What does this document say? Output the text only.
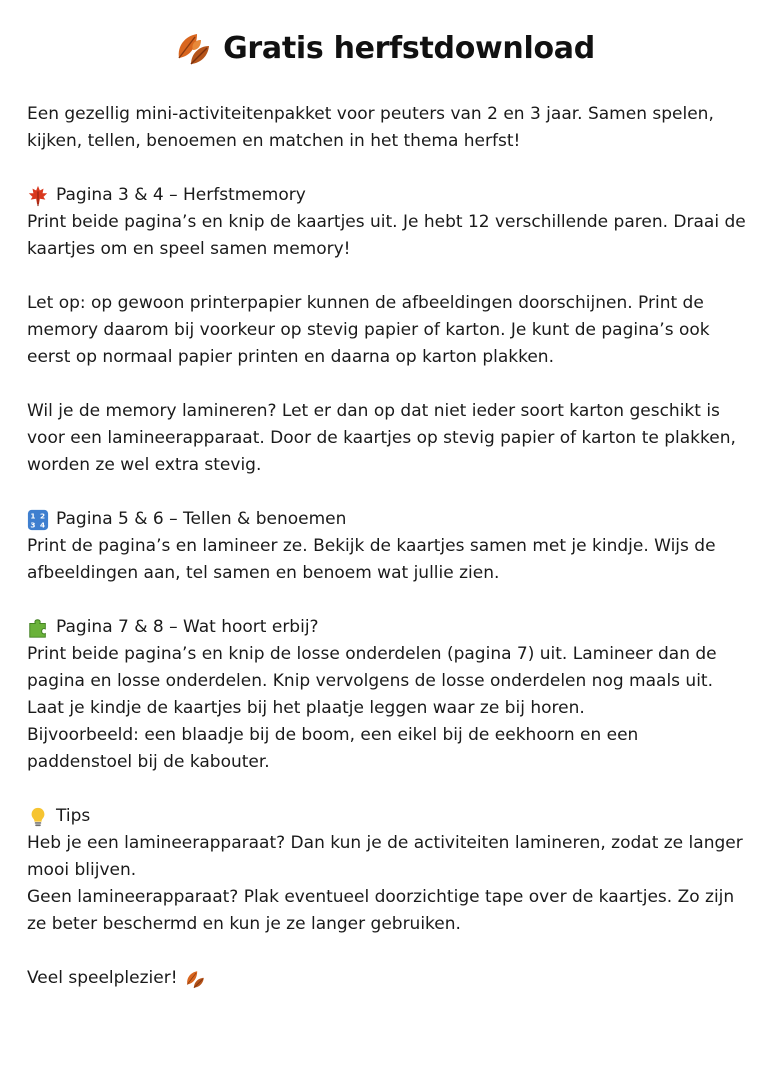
Gratis herfstdownload

Een gezellig mini-activiteitenpakket voor peuters van 2 en 3 jaar. Samen spelen, kijken, tellen, benoemen en matchen in het thema herfst!

Pagina 3 & 4 – Herfstmemory

Print beide pagina’s en knip de kaartjes uit. Je hebt 12 verschillende paren. Draai de kaartjes om en speel samen memory!

Let op: op gewoon printerpapier kunnen de afbeeldingen doorschijnen. Print de memory daarom bij voorkeur op stevig papier of karton. Je kunt de pagina’s ook eerst op normaal papier printen en daarna op karton plakken.

Wil je de memory lamineren? Let er dan op dat niet ieder soort karton geschikt is voor een lamineerapparaat. Door de kaartjes op stevig papier of karton te plakken, worden ze wel extra stevig.

1 2
3 4 Pagina 5 & 6 – Tellen & benoemen

Print de pagina’s en lamineer ze. Bekijk de kaartjes samen met je kindje. Wijs de afbeeldingen aan, tel samen en benoem wat jullie zien.

Pagina 7 & 8 – Wat hoort erbij?

Print beide pagina’s en knip de losse onderdelen (pagina 7) uit. Lamineer dan de pagina en losse onderdelen. Knip vervolgens de losse onderdelen nog maals uit. Laat je kindje de kaartjes bij het plaatje leggen waar ze bij horen.

Bijvoorbeeld: een blaadje bij de boom, een eikel bij de eekhoorn en een paddenstoel bij de kabouter.

Tips

Heb je een lamineerapparaat? Dan kun je de activiteiten lamineren, zodat ze langer mooi blijven.

Geen lamineerapparaat? Plak eventueel doorzichtige tape over de kaartjes. Zo zijn ze beter beschermd en kun je ze langer gebruiken.

Veel speelplezier!
